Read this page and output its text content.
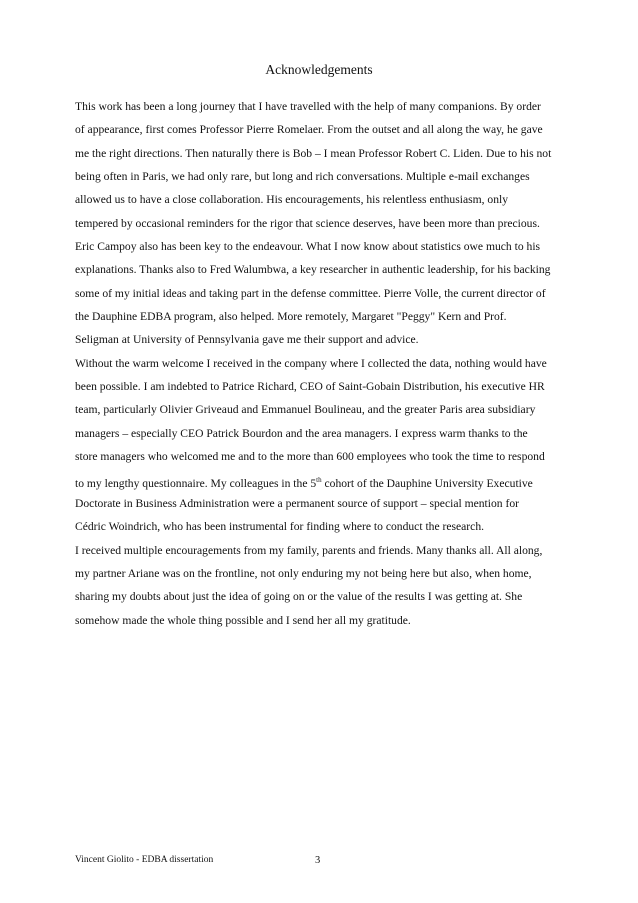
Acknowledgements
This work has been a long journey that I have travelled with the help of many companions. By order
of appearance, first comes Professor Pierre Romelaer. From the outset and all along the way, he gave
me the right directions. Then naturally there is Bob – I mean Professor Robert C. Liden. Due to his not
being often in Paris, we had only rare, but long and rich conversations. Multiple e-mail exchanges
allowed us to have a close collaboration. His encouragements, his relentless enthusiasm, only
tempered by occasional reminders for the rigor that science deserves, have been more than precious.
Eric Campoy also has been key to the endeavour. What I now know about statistics owe much to his
explanations. Thanks also to Fred Walumbwa, a key researcher in authentic leadership, for his backing
some of my initial ideas and taking part in the defense committee. Pierre Volle, the current director of
the Dauphine EDBA program, also helped. More remotely, Margaret "Peggy" Kern and Prof.
Seligman at University of Pennsylvania gave me their support and advice.
Without the warm welcome I received in the company where I collected the data, nothing would have
been possible. I am indebted to Patrice Richard, CEO of Saint-Gobain Distribution, his executive HR
team, particularly Olivier Griveaud and Emmanuel Boulineau, and the greater Paris area subsidiary
managers – especially CEO Patrick Bourdon and the area managers. I express warm thanks to the
store managers who welcomed me and to the more than 600 employees who took the time to respond
to my lengthy questionnaire. My colleagues in the 5th cohort of the Dauphine University Executive
Doctorate in Business Administration were a permanent source of support – special mention for
Cédric Woindrich, who has been instrumental for finding where to conduct the research.
I received multiple encouragements from my family, parents and friends. Many thanks all. All along,
my partner Ariane was on the frontline, not only enduring my not being here but also, when home,
sharing my doubts about just the idea of going on or the value of the results I was getting at. She
somehow made the whole thing possible and I send her all my gratitude.
Vincent Giolito - EDBA dissertation	3
